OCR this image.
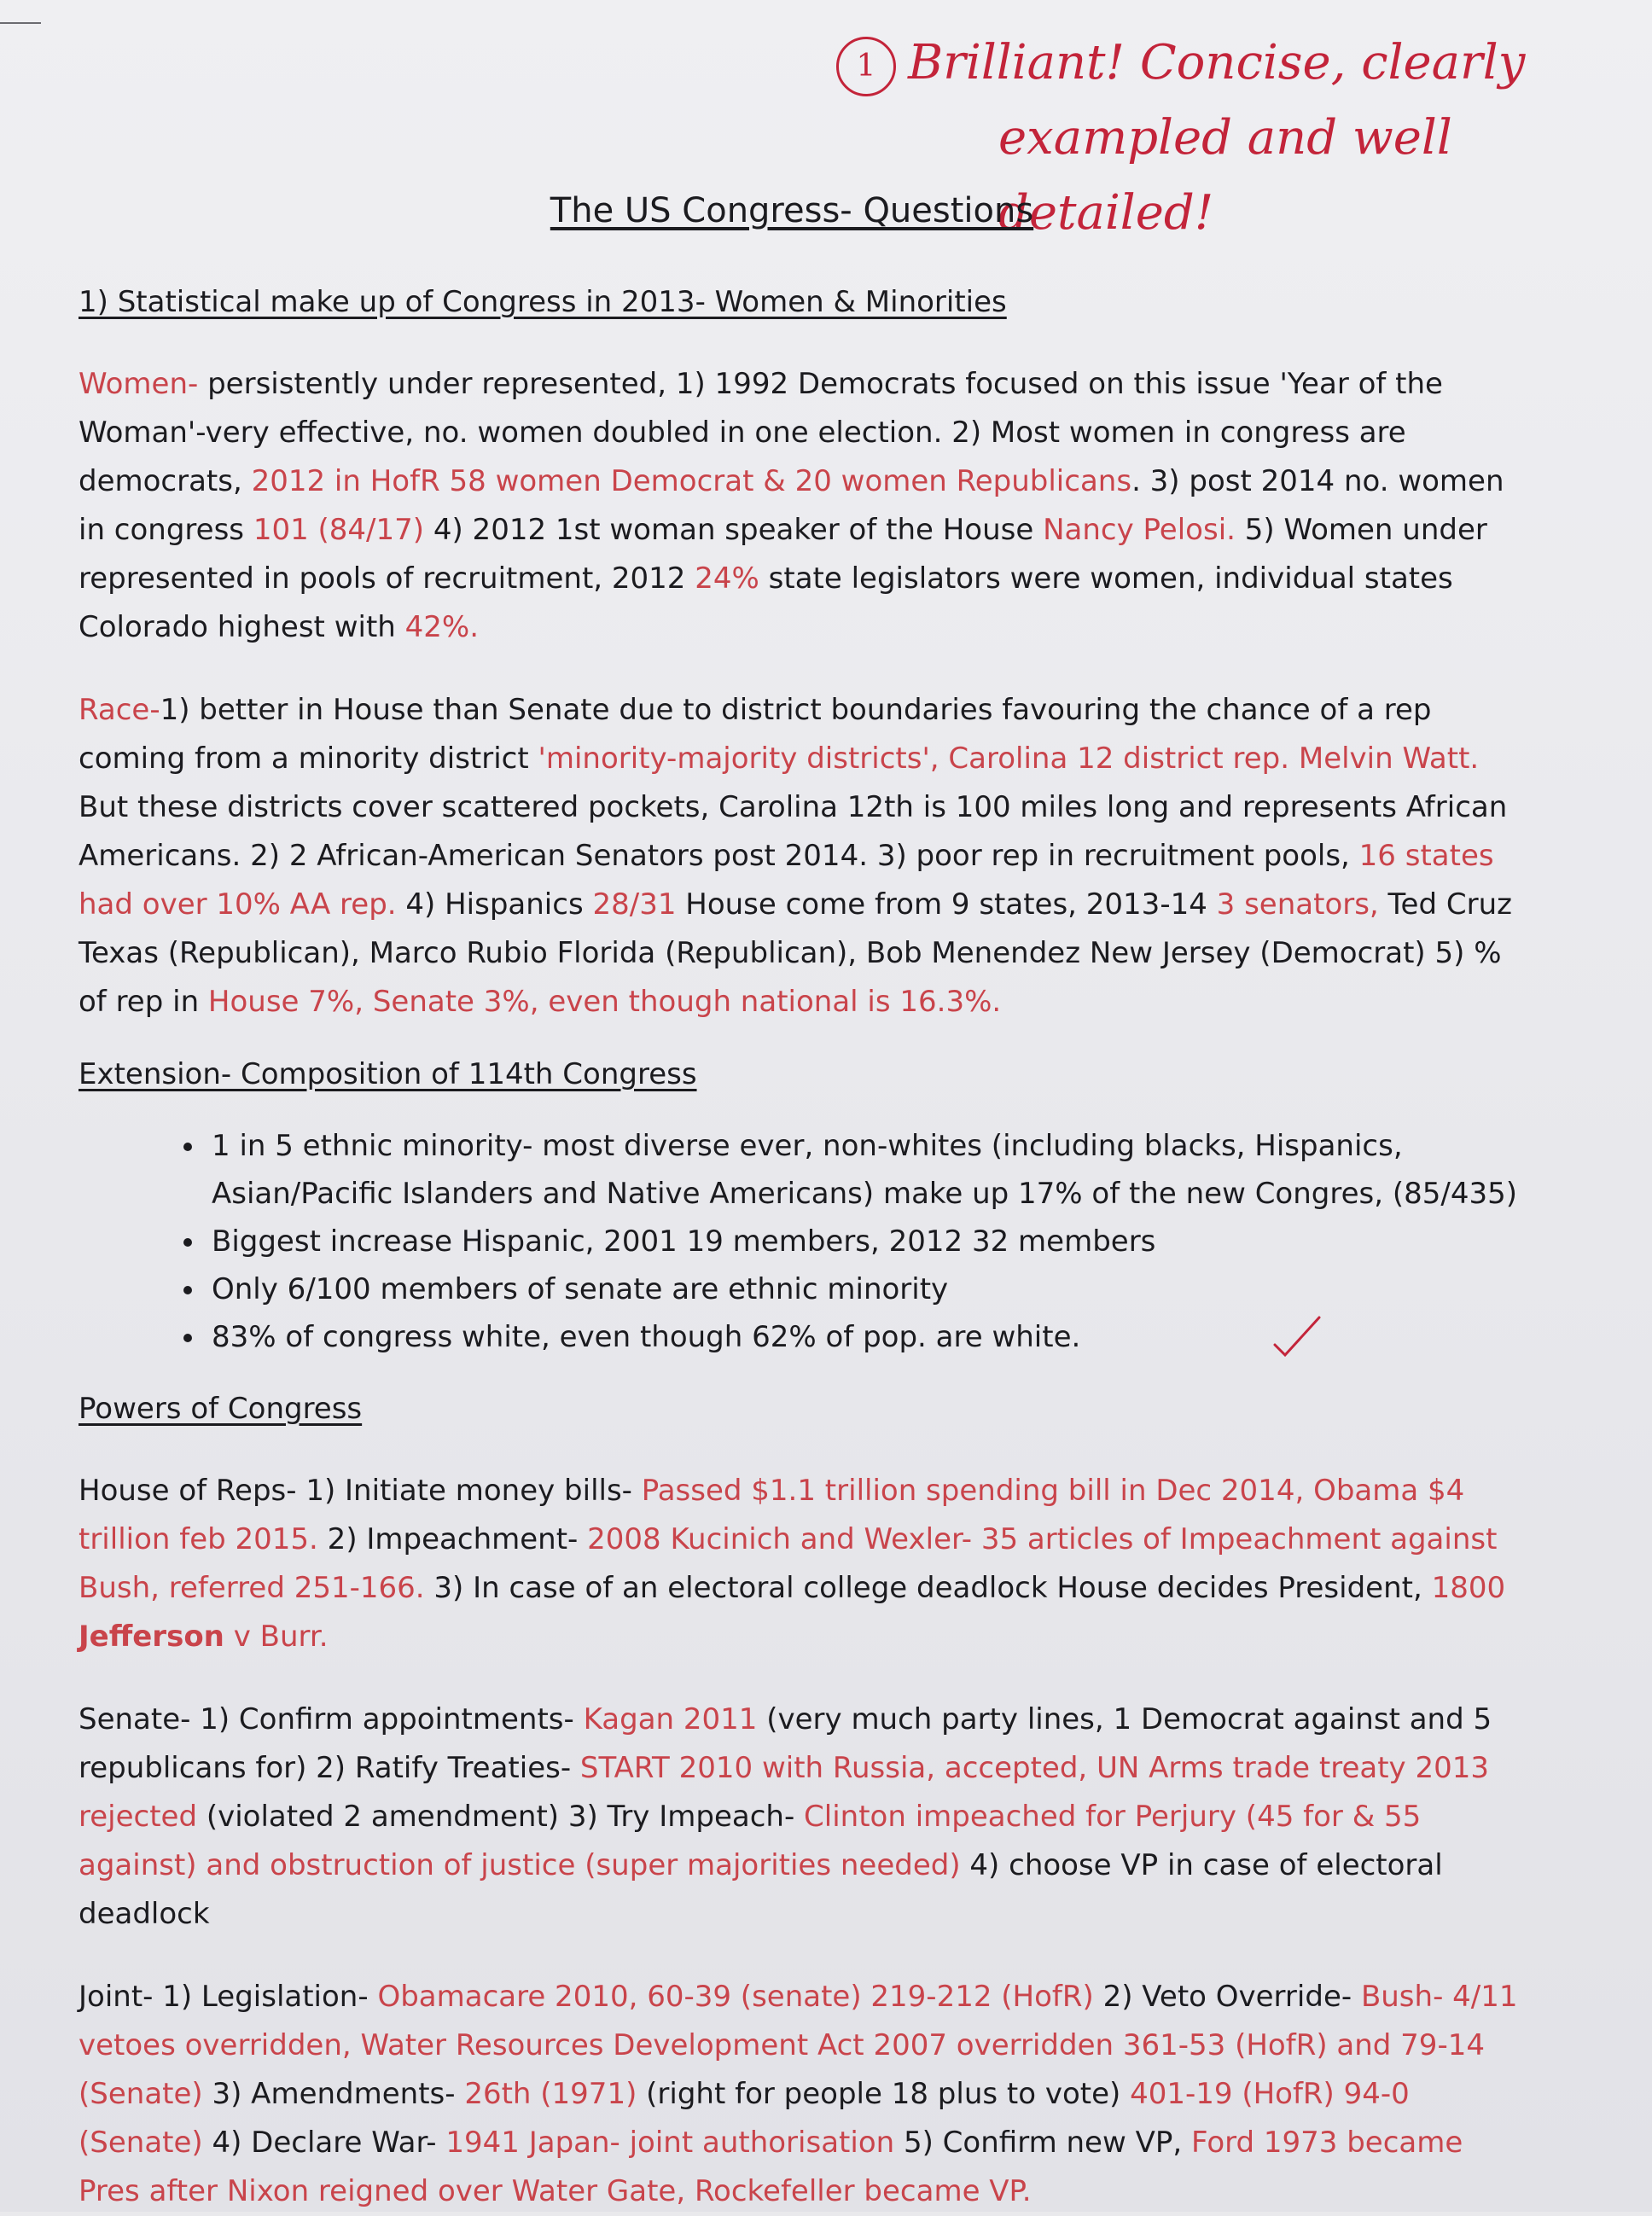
1 Brilliant! Concise, clearly
exampled and well detailed!
The US Congress- Questions
1) Statistical make up of Congress in 2013- Women & Minorities

Women- persistently under represented, 1) 1992 Democrats focused on this issue 'Year of the Woman'-very effective, no. women doubled in one election. 2) Most women in congress are democrats, 2012 in HofR 58 women Democrat & 20 women Republicans. 3) post 2014 no. women in congress 101 (84/17) 4) 2012 1st woman speaker of the House Nancy Pelosi. 5) Women under represented in pools of recruitment, 2012 24% state legislators were women, individual states Colorado highest with 42%.

Race-1) better in House than Senate due to district boundaries favouring the chance of a rep coming from a minority district 'minority-majority districts', Carolina 12 district rep. Melvin Watt. But these districts cover scattered pockets, Carolina 12th is 100 miles long and represents African Americans. 2) 2 African-American Senators post 2014. 3) poor rep in recruitment pools, 16 states had over 10% AA rep. 4) Hispanics 28/31 House come from 9 states, 2013-14 3 senators, Ted Cruz Texas (Republican), Marco Rubio Florida (Republican), Bob Menendez New Jersey (Democrat) 5) % of rep in House 7%, Senate 3%, even though national is 16.3%.

Extension- Composition of 114th Congress
• 1 in 5 ethnic minority- most diverse ever, non-whites (including blacks, Hispanics, Asian/Pacific Islanders and Native Americans) make up 17% of the new Congres, (85/435)
• Biggest increase Hispanic, 2001 19 members, 2012 32 members
• Only 6/100 members of senate are ethnic minority
• 83% of congress white, even though 62% of pop. are white.
Powers of Congress

House of Reps- 1) Initiate money bills- Passed $1.1 trillion spending bill in Dec 2014, Obama $4 trillion feb 2015. 2) Impeachment- 2008 Kucinich and Wexler- 35 articles of Impeachment against Bush, referred 251-166. 3) In case of an electoral college deadlock House decides President, 1800 Jefferson v Burr.

Senate- 1) Confirm appointments- Kagan 2011 (very much party lines, 1 Democrat against and 5 republicans for) 2) Ratify Treaties- START 2010 with Russia, accepted, UN Arms trade treaty 2013 rejected (violated 2 amendment) 3) Try Impeach- Clinton impeached for Perjury (45 for & 55 against) and obstruction of justice (super majorities needed) 4) choose VP in case of electoral deadlock

Joint- 1) Legislation- Obamacare 2010, 60-39 (senate) 219-212 (HofR) 2) Veto Override- Bush- 4/11 vetoes overridden, Water Resources Development Act 2007 overridden 361-53 (HofR) and 79-14 (Senate) 3) Amendments- 26th (1971) (right for people 18 plus to vote) 401-19 (HofR) 94-0 (Senate) 4) Declare War- 1941 Japan- joint authorisation 5) Confirm new VP, Ford 1973 became Pres after Nixon reigned over Water Gate, Rockefeller became VP.
